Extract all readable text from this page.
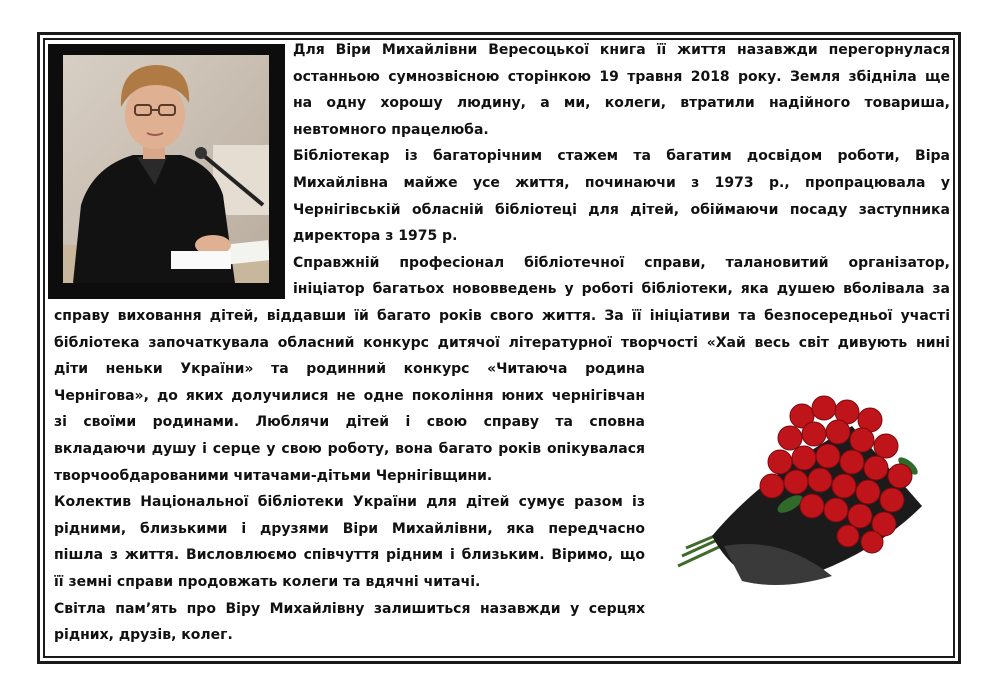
Для Віри Михайлівни Вересоцької книга її життя назавжди перегорнулася

останньою сумнозвісною сторінкою 19 травня 2018 року. Земля збідніла ще

на одну хорошу людину, а ми, колеги, втратили надійного товариша,

невтомного працелюба.

Бібліотекар із багаторічним стажем та багатим досвідом роботи, Віра

Михайлівна майже усе життя, починаючи з 1973 р., пропрацювала у

Чернігівській обласній бібліотеці для дітей, обіймаючи посаду заступника

директора з 1975 р.

Справжній професіонал бібліотечної справи, талановитий організатор,

ініціатор багатьох нововведень у роботі бібліотеки, яка душею вболівала за

справу виховання дітей, віддавши їй багато років свого життя. За її ініціативи та безпосередньої участі

бібліотека започаткувала обласний конкурс дитячої літературної творчості «Хай весь світ дивують нині

діти неньки України» та родинний конкурс «Читаюча родина

Чернігова», до яких долучилися не одне покоління юних чернігівчан

зі своїми родинами. Люблячи дітей і свою справу та сповна

вкладаючи душу і серце у свою роботу, вона багато років опікувалася

творчообдарованими читачами-дітьми Чернігівщини.

Колектив Національної бібліотеки України для дітей сумує разом із

рідними, близькими і друзями Віри Михайлівни, яка передчасно

пішла з життя. Висловлюємо співчуття рідним і близьким. Віримо, що

її земні справи продовжать колеги та вдячні читачі.

Світла пам’ять про Віру Михайлівну залишиться назавжди у серцях

рідних, друзів, колег.
